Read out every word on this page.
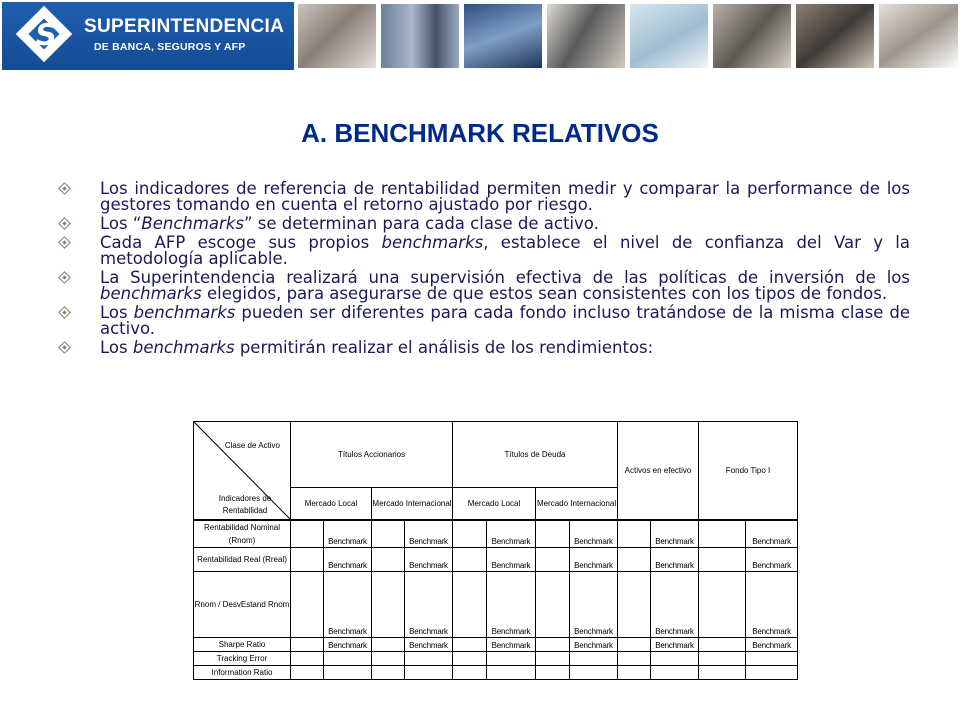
S SUPERINTENDENCIA
DE BANCA, SEGUROS Y AFP
A. BENCHMARK RELATIVOS
Los indicadores de referencia de rentabilidad permiten medir y comparar la performance de los gestores tomando en cuenta el retorno ajustado por riesgo.
Los “Benchmarks” se determinan para cada clase de activo.
Cada AFP escoge sus propios benchmarks, establece el nivel de confianza del Var y la metodología aplicable.
La Superintendencia realizará una supervisión efectiva de las políticas de inversión de los benchmarks elegidos, para asegurarse de que estos sean consistentes con los tipos de fondos.
Los benchmarks pueden ser diferentes para cada fondo incluso tratándose de la misma clase de activo.
Los benchmarks permitirán realizar el análisis de los rendimientos:
Clase de Activo
Indicadores de Rentabilidad	Títulos Accionarios				Títulos de Deuda				Activos en efectivo		Fondo Tipo I	
	Mercado Local		Mercado Internacional		Mercado Local		Mercado Internacional					
Rentabilidad Nominal (Rnom)		Benchmark		Benchmark		Benchmark		Benchmark		Benchmark		Benchmark
Rentabilidad Real (Rreal)		Benchmark		Benchmark		Benchmark		Benchmark		Benchmark		Benchmark
Rnom / DesvEstand Rnom		Benchmark		Benchmark		Benchmark		Benchmark		Benchmark		Benchmark
Sharpe Ratio		Benchmark		Benchmark		Benchmark		Benchmark		Benchmark		Benchmark
Tracking Error												
Information Ratio												
